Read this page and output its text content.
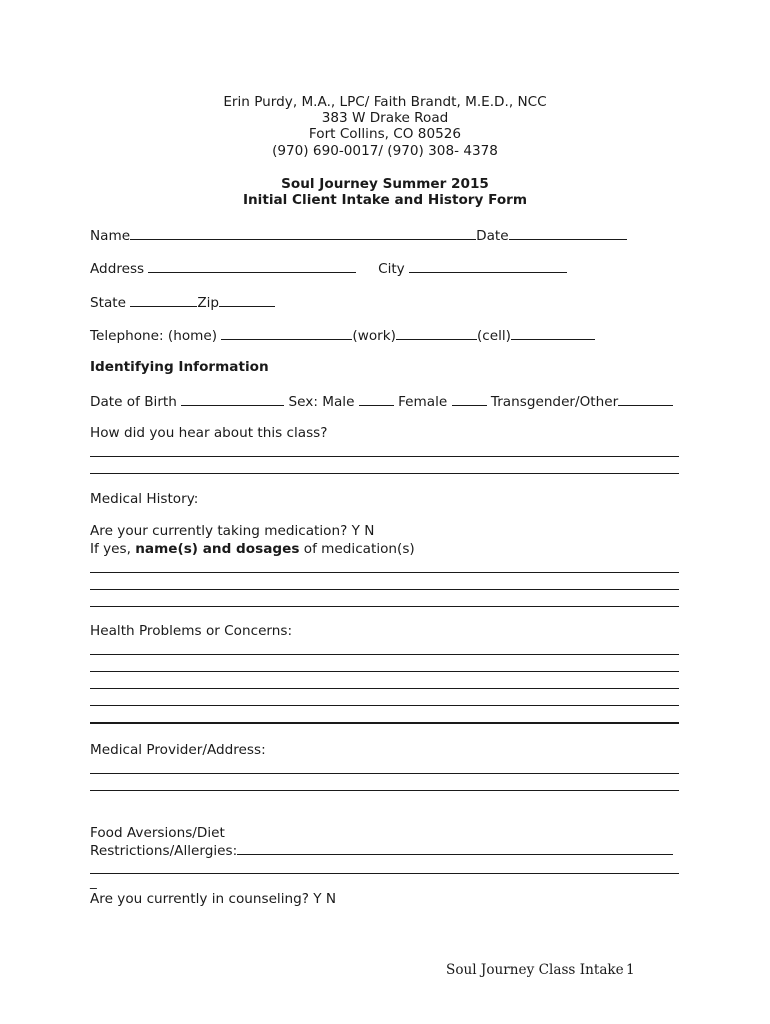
Erin Purdy, M.A., LPC/ Faith Brandt, M.E.D., NCC
383 W Drake Road
Fort Collins, CO 80526
(970) 690-0017/ (970) 308- 4378
Soul Journey Summer 2015
Initial Client Intake and History Form
Name	Date
Address	City
State	Zip
Telephone: (home)	(work)	(cell)
Identifying Information
Date of Birth	Sex: Male	Female	Transgender/Other
How did you hear about this class?
Medical History:
Are your currently taking medication? Y N
If yes, name(s) and dosages of medication(s)
Health Problems or Concerns:
Medical Provider/Address:
Food Aversions/Diet
Restrictions/Allergies:
_
Are you currently in counseling? Y N
Soul Journey Class Intake 1
